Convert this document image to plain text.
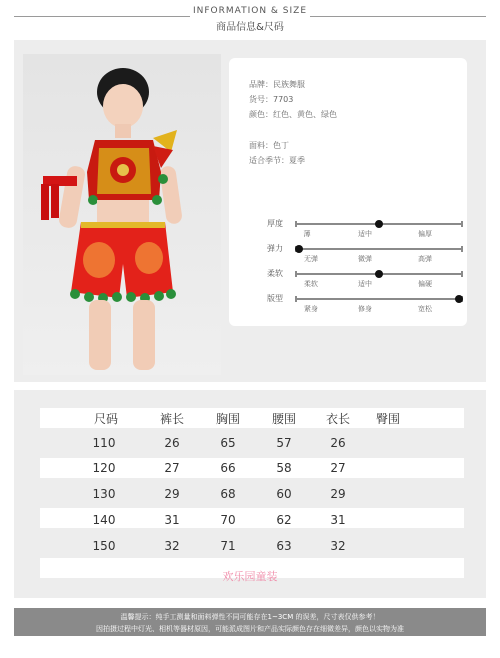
INFORMATION & SIZE
商品信息&尺码
品牌：民族舞服
货号：7703
颜色：红色、黄色、绿色
面料：色丁
适合季节：夏季
厚度
薄	适中	偏厚
弹力
无弹	微弹	高弹
柔软
柔软	适中	偏硬
版型
紧身	修身	宽松
尺码	裤长	胸围	腰围	衣长	臀围
110	26	65	57	26
120	27	66	58	27
130	29	68	60	29
140	31	70	62	31
150	32	71	63	32
欢乐园童装
温馨提示：纯手工测量和面料弹性不同可能存在1~3CM 的误差，尺寸表仅供参考！
因拍摄过程中灯光、相机等器材原因，可能派成图片和产品实际颜色存在细微差异，颜色以实物为准
